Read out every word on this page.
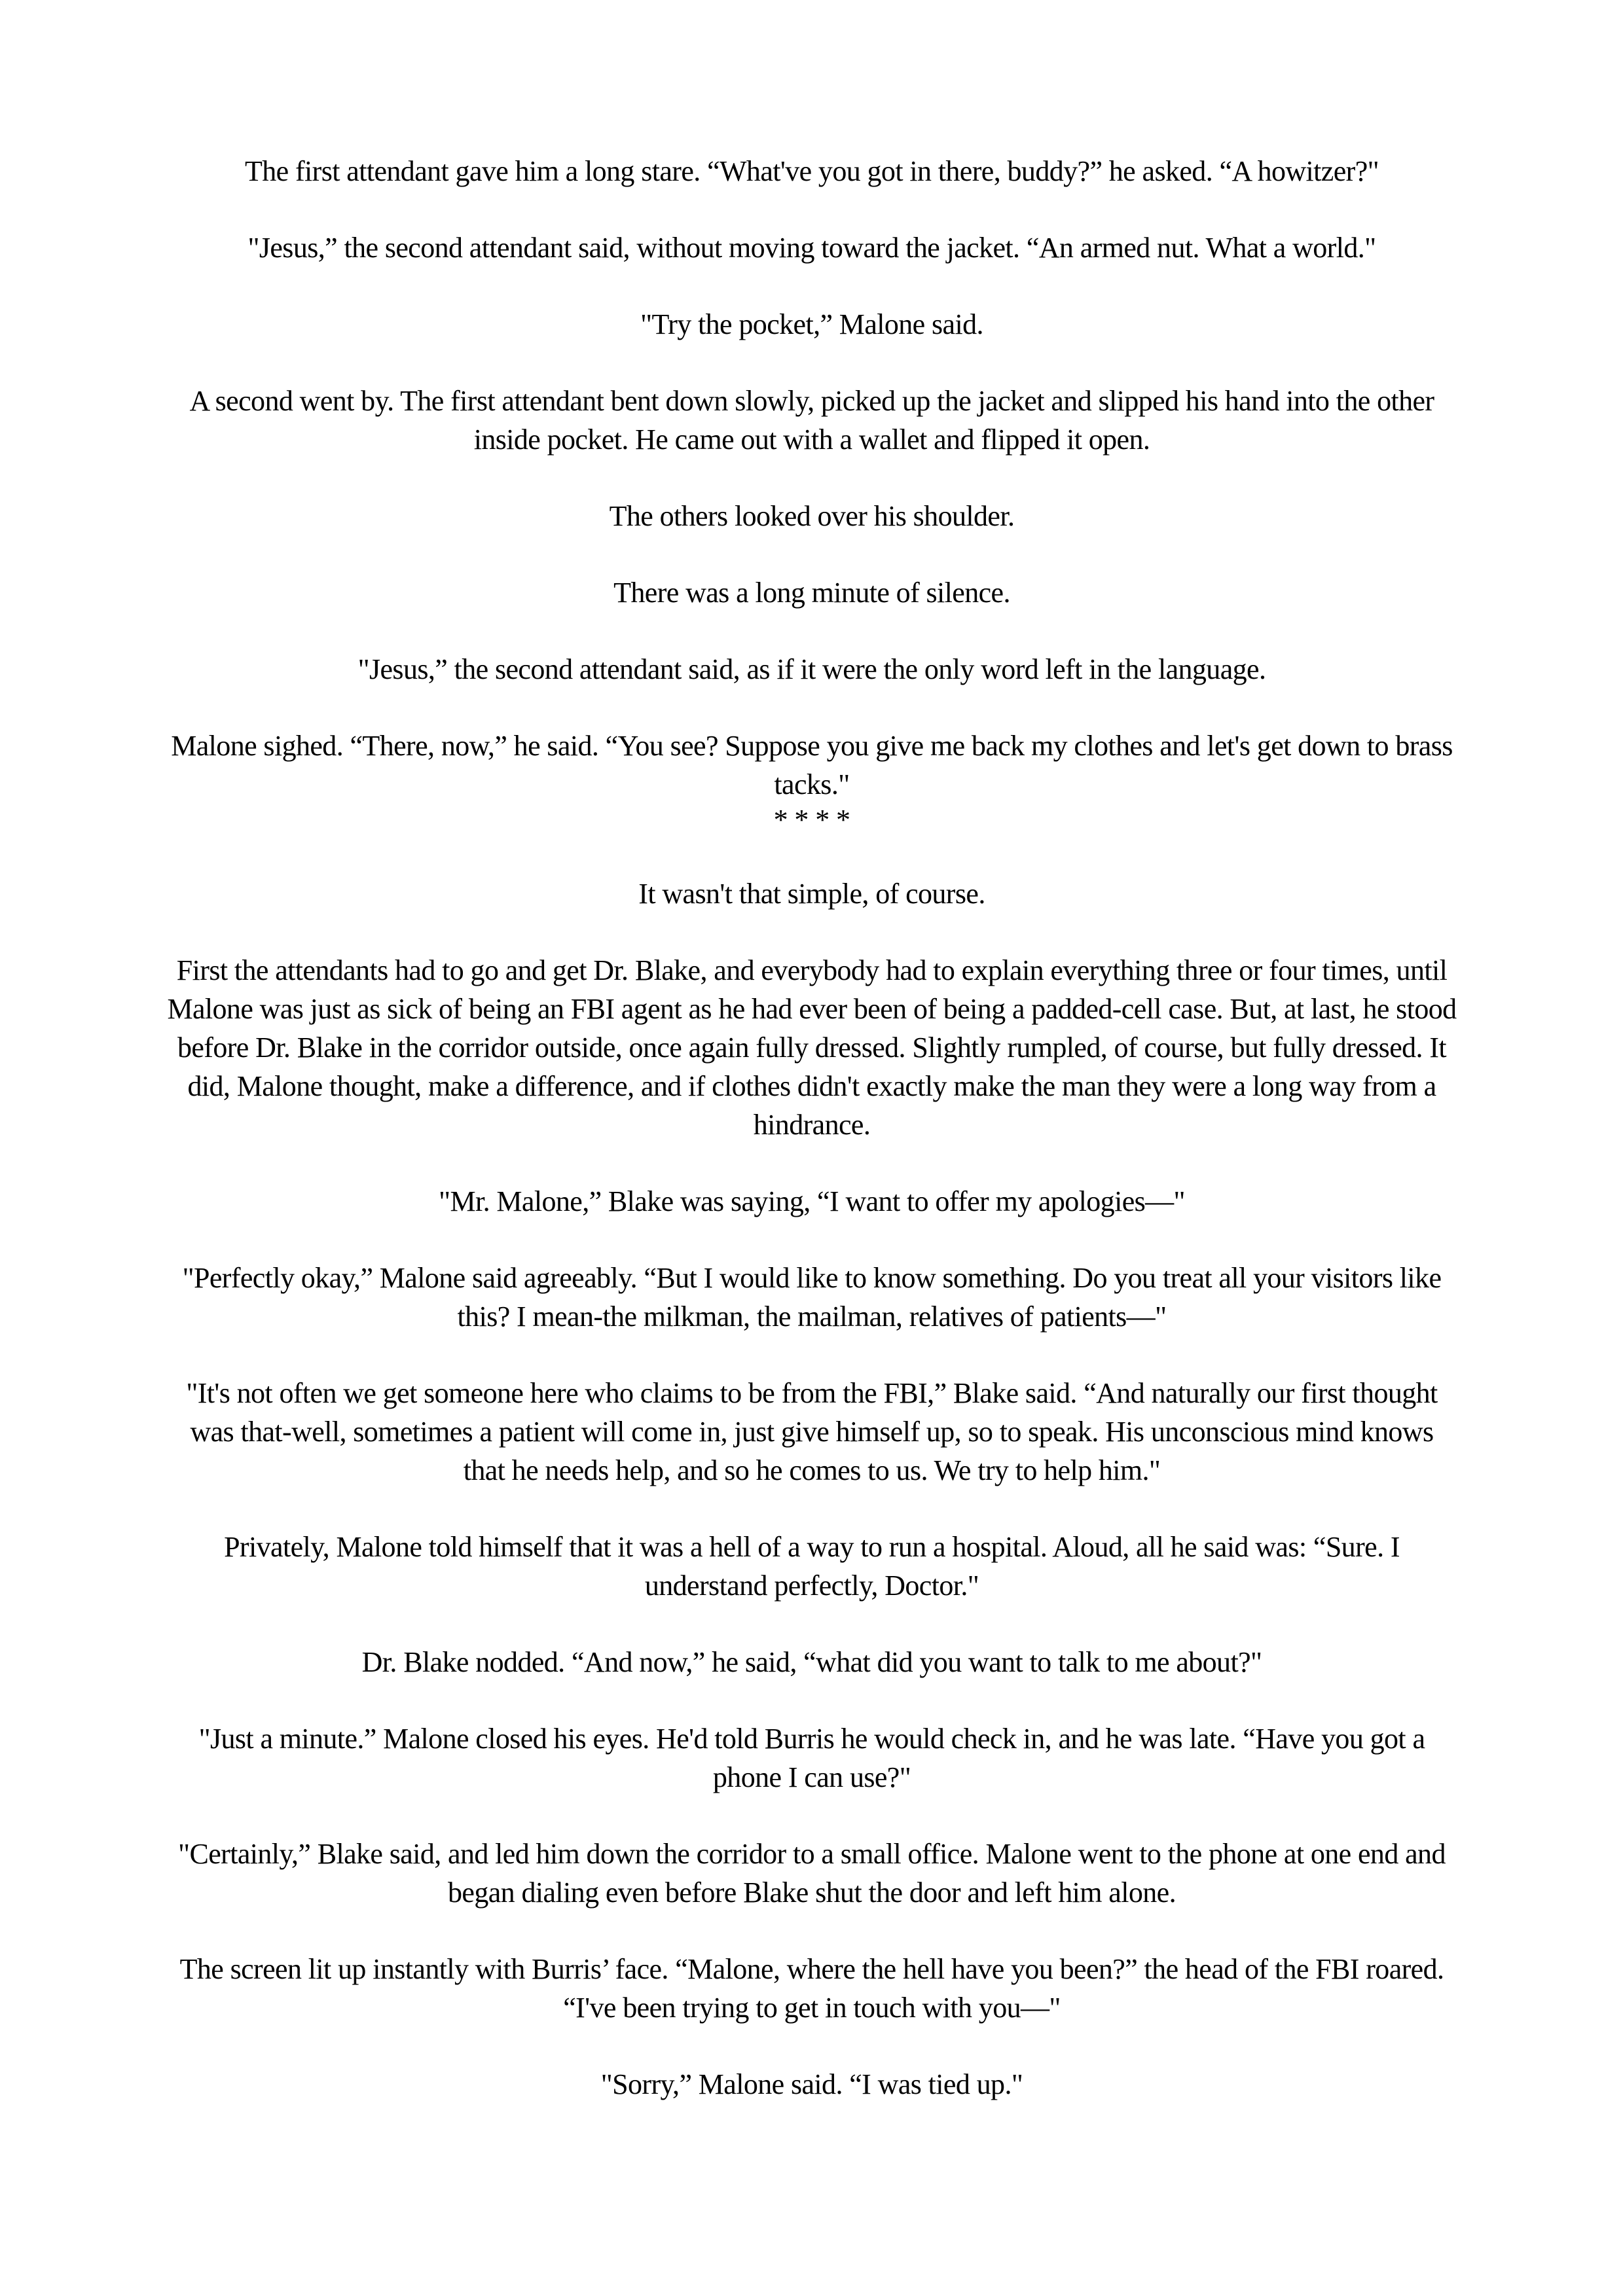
The first attendant gave him a long stare. “What've you got in there, buddy?” he asked. “A howitzer?"

"Jesus,” the second attendant said, without moving toward the jacket. “An armed nut. What a world."

"Try the pocket,” Malone said.

A second went by. The first attendant bent down slowly, picked up the jacket and slipped his hand into the other inside pocket. He came out with a wallet and flipped it open.

The others looked over his shoulder.

There was a long minute of silence.

"Jesus,” the second attendant said, as if it were the only word left in the language.

Malone sighed. “There, now,” he said. “You see? Suppose you give me back my clothes and let's get down to brass tacks."

* * * *

It wasn't that simple, of course.

First the attendants had to go and get Dr. Blake, and everybody had to explain everything three or four times, until Malone was just as sick of being an FBI agent as he had ever been of being a padded-cell case. But, at last, he stood before Dr. Blake in the corridor outside, once again fully dressed. Slightly rumpled, of course, but fully dressed. It did, Malone thought, make a difference, and if clothes didn't exactly make the man they were a long way from a hindrance.

"Mr. Malone,” Blake was saying, “I want to offer my apologies—"

"Perfectly okay,” Malone said agreeably. “But I would like to know something. Do you treat all your visitors like this? I mean-the milkman, the mailman, relatives of patients—"

"It's not often we get someone here who claims to be from the FBI,” Blake said. “And naturally our first thought was that-well, sometimes a patient will come in, just give himself up, so to speak. His unconscious mind knows that he needs help, and so he comes to us. We try to help him."

Privately, Malone told himself that it was a hell of a way to run a hospital. Aloud, all he said was: “Sure. I understand perfectly, Doctor."

Dr. Blake nodded. “And now,” he said, “what did you want to talk to me about?"

"Just a minute.” Malone closed his eyes. He'd told Burris he would check in, and he was late. “Have you got a phone I can use?"

"Certainly,” Blake said, and led him down the corridor to a small office. Malone went to the phone at one end and began dialing even before Blake shut the door and left him alone.

The screen lit up instantly with Burris’ face. “Malone, where the hell have you been?” the head of the FBI roared. “I've been trying to get in touch with you—"

"Sorry,” Malone said. “I was tied up."
